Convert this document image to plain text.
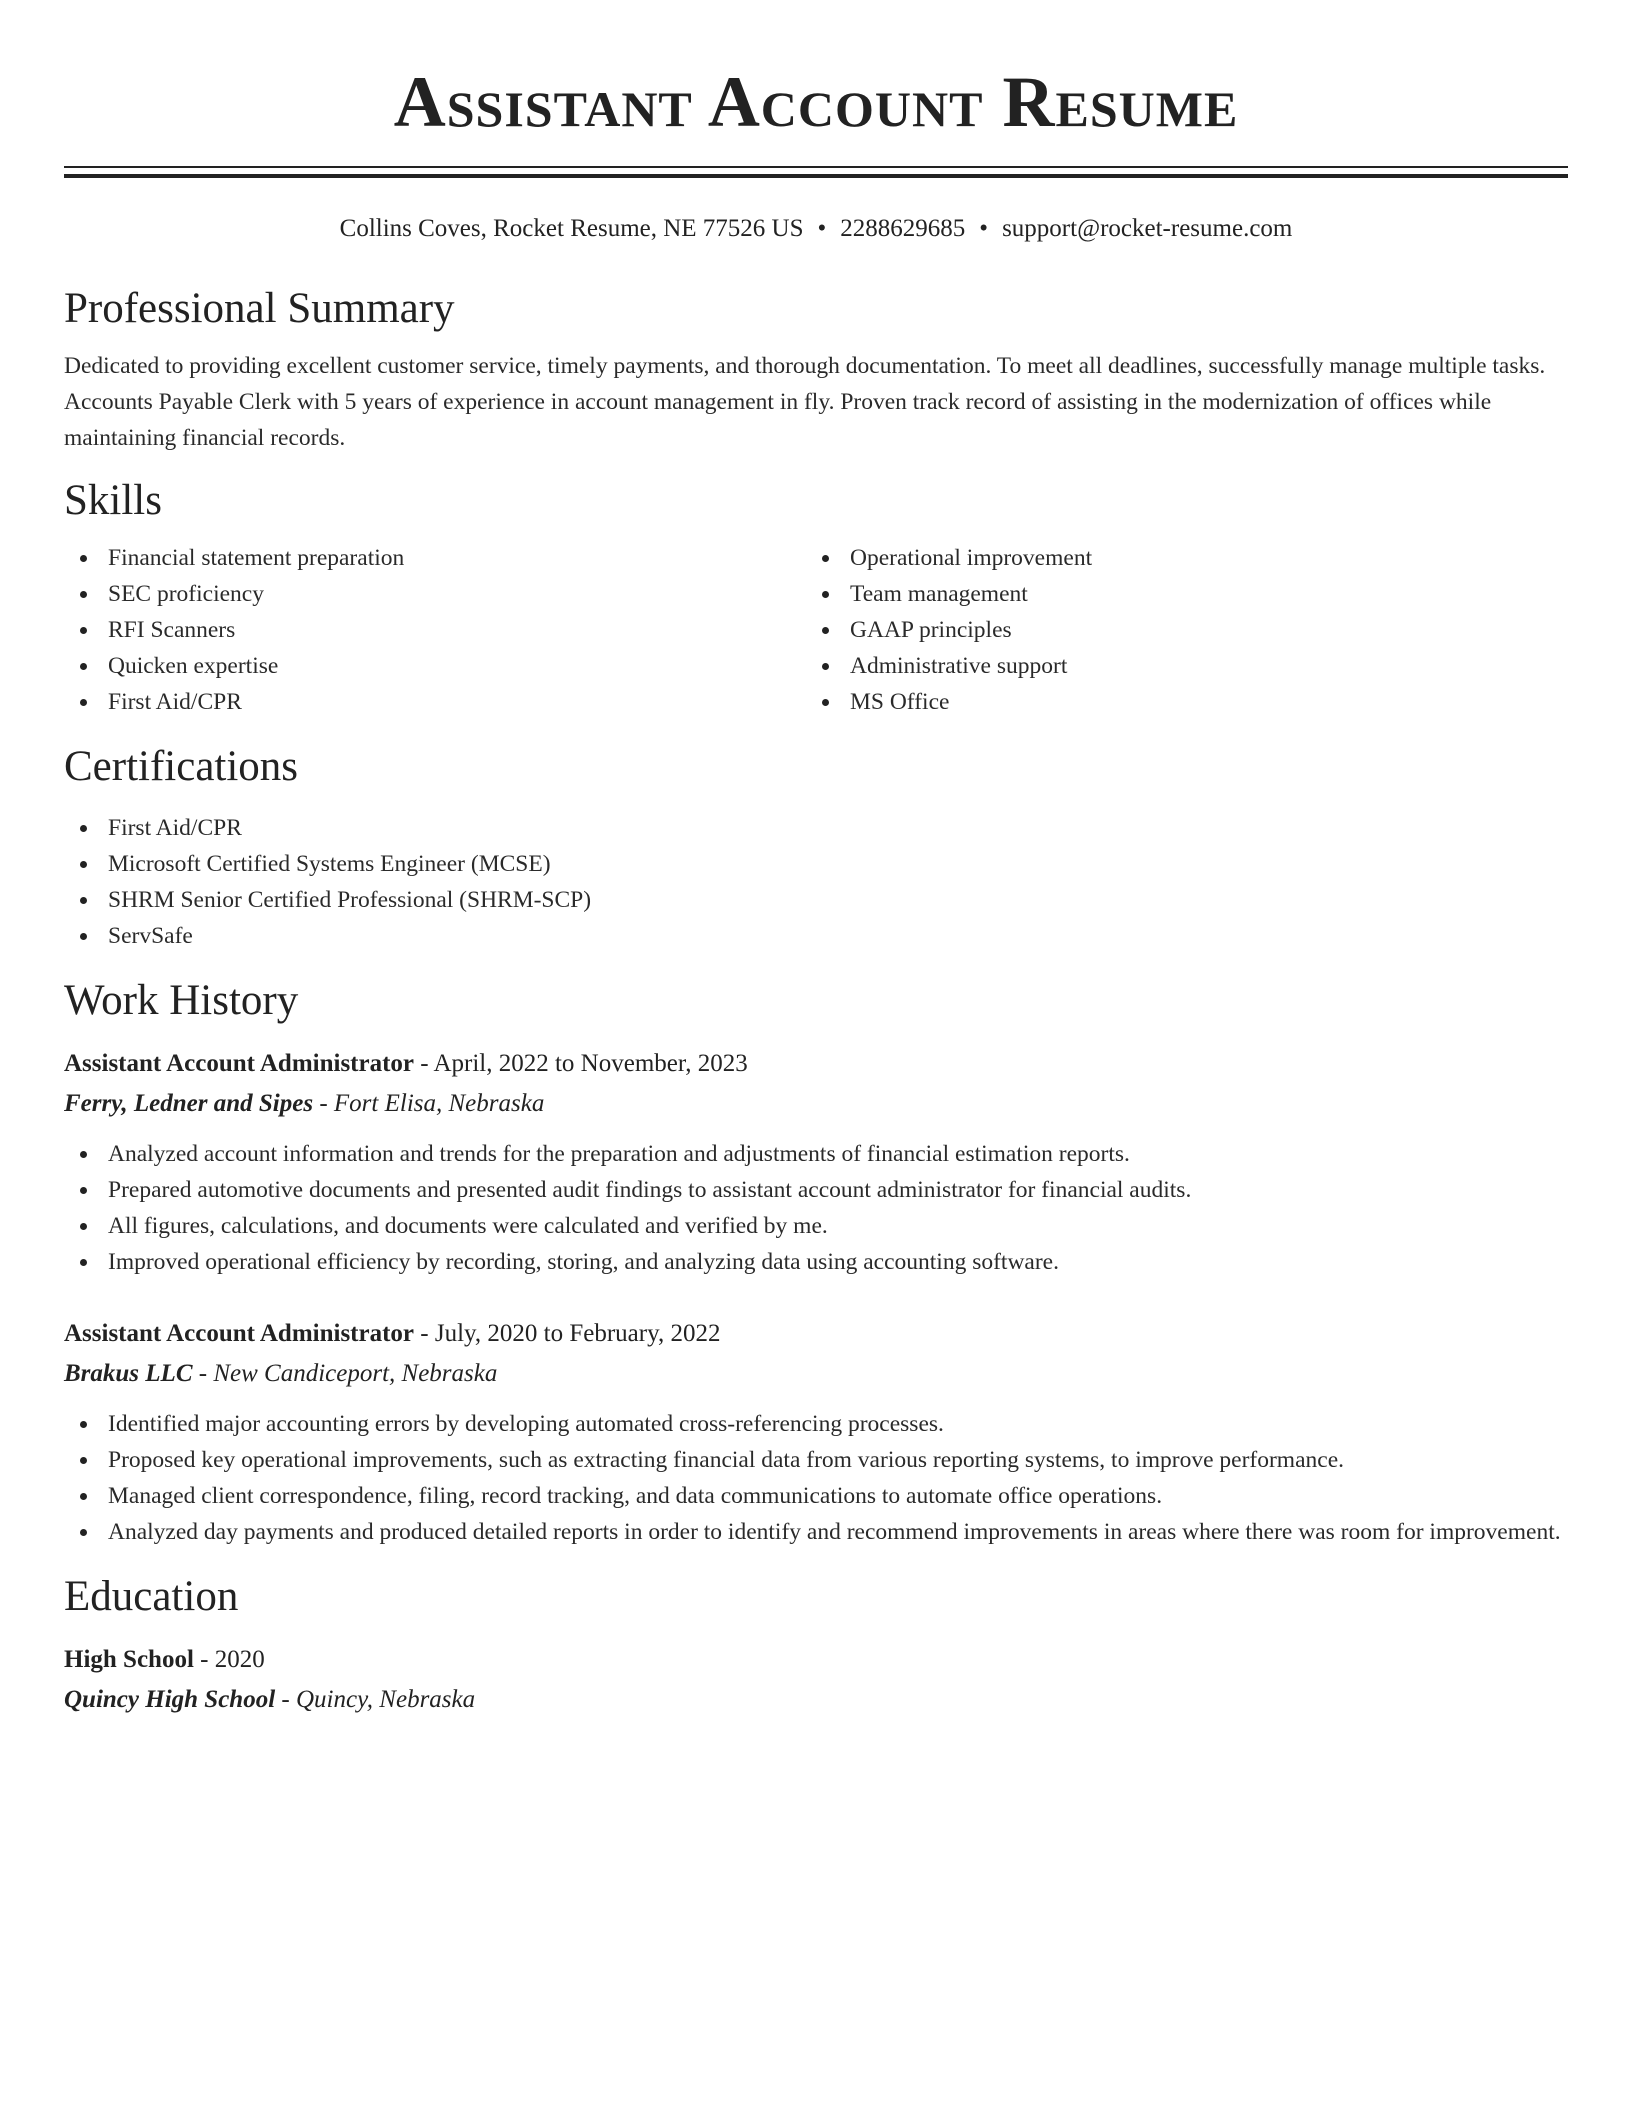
Assistant Account Resume
Collins Coves, Rocket Resume, NE 77526 US • 2288629685 • support@rocket-resume.com
Professional Summary

Dedicated to providing excellent customer service, timely payments, and thorough documentation. To meet all deadlines, successfully manage multiple tasks. Accounts Payable Clerk with 5 years of experience in account management in fly. Proven track record of assisting in the modernization of offices while maintaining financial records.

Skills
Financial statement preparation
SEC proficiency
RFI Scanners
Quicken expertise
First Aid/CPR
Operational improvement
Team management
GAAP principles
Administrative support
MS Office
Certifications
First Aid/CPR
Microsoft Certified Systems Engineer (MCSE)
SHRM Senior Certified Professional (SHRM-SCP)
ServSafe
Work History
Assistant Account Administrator - April, 2022 to November, 2023
Ferry, Ledner and Sipes - Fort Elisa, Nebraska
Analyzed account information and trends for the preparation and adjustments of financial estimation reports.
Prepared automotive documents and presented audit findings to assistant account administrator for financial audits.
All figures, calculations, and documents were calculated and verified by me.
Improved operational efficiency by recording, storing, and analyzing data using accounting software.
Assistant Account Administrator - July, 2020 to February, 2022
Brakus LLC - New Candiceport, Nebraska
Identified major accounting errors by developing automated cross-referencing processes.
Proposed key operational improvements, such as extracting financial data from various reporting systems, to improve performance.
Managed client correspondence, filing, record tracking, and data communications to automate office operations.
Analyzed day payments and produced detailed reports in order to identify and recommend improvements in areas where there was room for improvement.
Education
High School - 2020
Quincy High School - Quincy, Nebraska
